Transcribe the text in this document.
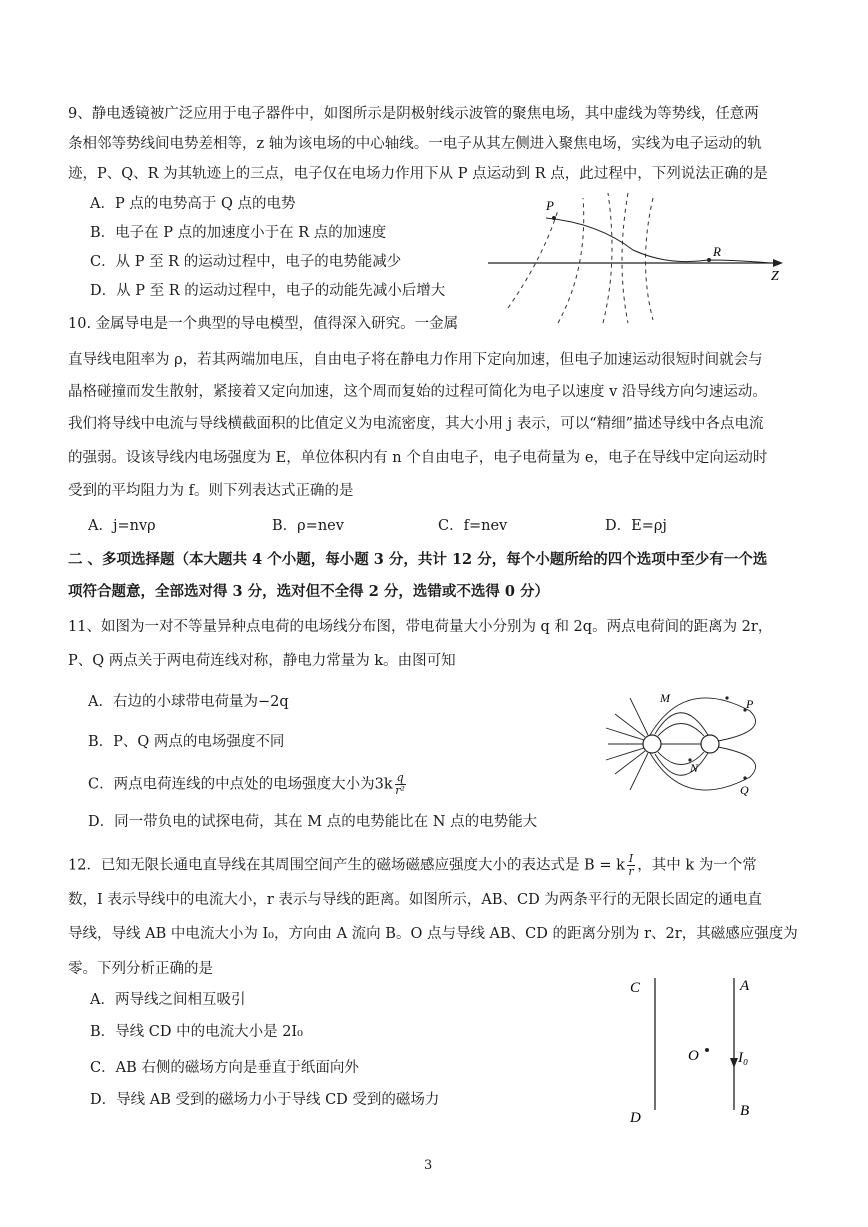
9、静电透镜被广泛应用于电子器件中，如图所示是阴极射线示波管的聚焦电场，其中虚线为等势线，任意两
条相邻等势线间电势差相等，z 轴为该电场的中心轴线。一电子从其左侧进入聚焦电场，实线为电子运动的轨
迹，P、Q、R 为其轨迹上的三点，电子仅在电场力作用下从 P 点运动到 R 点，此过程中，下列说法正确的是
A．P 点的电势高于 Q 点的电势
B．电子在 P 点的加速度小于在 R 点的加速度
C．从 P 至 R 的运动过程中，电子的电势能减少
D．从 P 至 R 的运动过程中，电子的动能先减小后增大
P
R
Z
10. 金属导电是一个典型的导电模型，值得深入研究。一金属
直导线电阻率为 ρ，若其两端加电压，自由电子将在静电力作用下定向加速，但电子加速运动很短时间就会与
晶格碰撞而发生散射，紧接着又定向加速，这个周而复始的过程可简化为电子以速度 v 沿导线方向匀速运动。
我们将导线中电流与导线横截面积的比值定义为电流密度，其大小用 j 表示，可以“精细”描述导线中各点电流
的强弱。设该导线内电场强度为 E，单位体积内有 n 个自由电子，电子电荷量为 e，电子在导线中定向运动时
受到的平均阻力为 f。则下列表达式正确的是
A．j=nvρ	B．ρ=nev	C．f=nev	D．E=ρj
二 、多项选择题（本大题共 4 个小题，每小题 3 分，共计 12 分，每个小题所给的四个选项中至少有一个选
项符合题意，全部选对得 3 分，选对但不全得 2 分，选错或不选得 0 分）
11、如图为一对不等量异种点电荷的电场线分布图，带电荷量大小分别为 q 和 2q。两点电荷间的距离为 2r，
P、Q 两点关于两电荷连线对称，静电力常量为 k。由图可知
A．右边的小球带电荷量为−2q
B．P、Q 两点的电场强度不同
C．两点电荷连线的中点处的电场强度大小为$3k \frac{q}{\text{r²}}$
D．同一带负电的试探电荷，其在 M 点的电势能比在 N 点的电势能大
M
N
P
Q
12．已知无限长通电直导线在其周围空间产生的磁场磁感应强度大小的表达式是 B = k $\frac{I}{r}$ ，其中 k 为一个常
数，I 表示导线中的电流大小，r 表示与导线的距离。如图所示，AB、CD 为两条平行的无限长固定的通电直
导线，导线 AB 中电流大小为 I₀，方向由 A 流向 B。O 点与导线 AB、CD 的距离分别为 r、2r，其磁感应强度为
零。下列分析正确的是
A．两导线之间相互吸引
B．导线 CD 中的电流大小是 2I₀
C．AB 右侧的磁场方向是垂直于纸面向外
D．导线 AB 受到的磁场力小于导线 CD 受到的磁场力
C
D
A
B
O	I₀
3
